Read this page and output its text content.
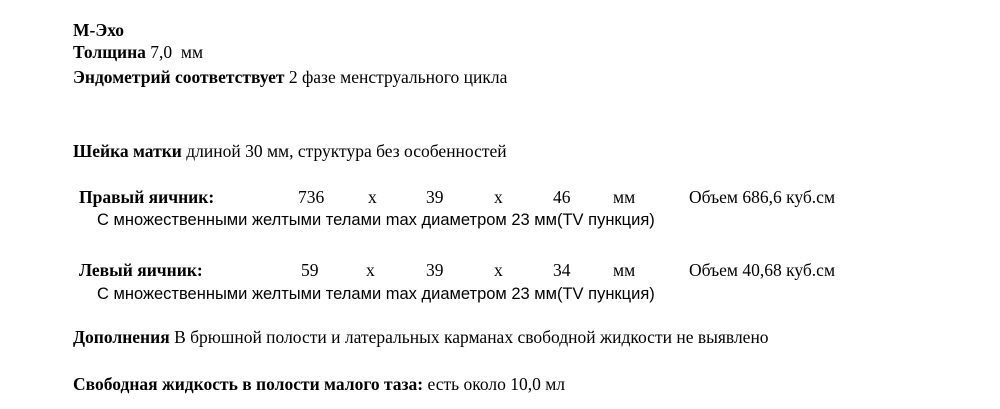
М-Эхо
Толщина 7,0  мм
Эндометрий соответствует 2 фазе менструального цикла
Шейка матки длиной 30 мм, структура без особенностей
Правый яичник:	736	x	39	x	46 мм	Объем 686,6 куб.см
С множественными желтыми телами max диаметром 23 мм(TV пункция)
Левый яичник:	59	x	39	x	34 мм	Объем 40,68 куб.см
С множественными желтыми телами max диаметром 23 мм(TV пункция)
Дополнения В брюшной полости и латеральных карманах свободной жидкости не выявлено
Свободная жидкость в полости малого таза: есть около 10,0 мл
